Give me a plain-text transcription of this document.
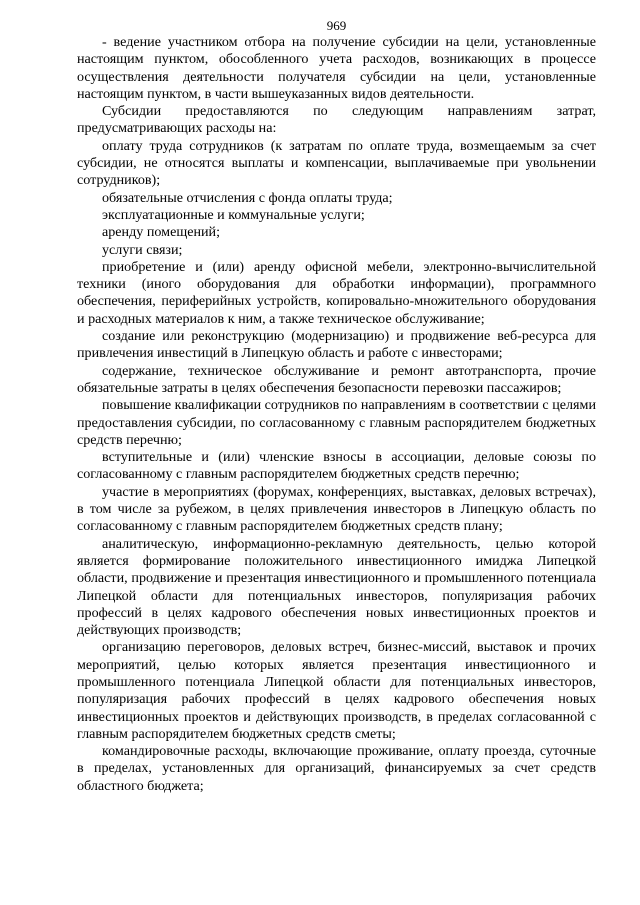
969

- ведение участником отбора на получение субсидии на цели, установленные настоящим пунктом, обособленного учета расходов, возникающих в процессе осуществления деятельности получателя субсидии на цели, установленные настоящим пунктом, в части вышеуказанных видов деятельности.

Субсидии предоставляются по следующим направлениям затрат, предусматривающих расходы на:

оплату труда сотрудников (к затратам по оплате труда, возмещаемым за счет субсидии, не относятся выплаты и компенсации, выплачиваемые при увольнении сотрудников);

обязательные отчисления с фонда оплаты труда;

эксплуатационные и коммунальные услуги;

аренду помещений;

услуги связи;

приобретение и (или) аренду офисной мебели, электронно-вычислительной техники (иного оборудования для обработки информации), программного обеспечения, периферийных устройств, копировально-множительного оборудования и расходных материалов к ним, а также техническое обслуживание;

создание или реконструкцию (модернизацию) и продвижение веб-ресурса для привлечения инвестиций в Липецкую область и работе с инвесторами;

содержание, техническое обслуживание и ремонт автотранспорта, прочие обязательные затраты в целях обеспечения безопасности перевозки пассажиров;

повышение квалификации сотрудников по направлениям в соответствии с целями предоставления субсидии, по согласованному с главным распорядителем бюджетных средств перечню;

вступительные и (или) членские взносы в ассоциации, деловые союзы по согласованному с главным распорядителем бюджетных средств перечню;

участие в мероприятиях (форумах, конференциях, выставках, деловых встречах), в том числе за рубежом, в целях привлечения инвесторов в Липецкую область по согласованному с главным распорядителем бюджетных средств плану;

аналитическую, информационно-рекламную деятельность, целью которой является формирование положительного инвестиционного имиджа Липецкой области, продвижение и презентация инвестиционного и промышленного потенциала Липецкой области для потенциальных инвесторов, популяризация рабочих профессий в целях кадрового обеспечения новых инвестиционных проектов и действующих производств;

организацию переговоров, деловых встреч, бизнес-миссий, выставок и прочих мероприятий, целью которых является презентация инвестиционного и промышленного потенциала Липецкой области для потенциальных инвесторов, популяризация рабочих профессий в целях кадрового обеспечения новых инвестиционных проектов и действующих производств, в пределах согласованной с главным распорядителем бюджетных средств сметы;

командировочные расходы, включающие проживание, оплату проезда, суточные в пределах, установленных для организаций, финансируемых за счет средств областного бюджета;
